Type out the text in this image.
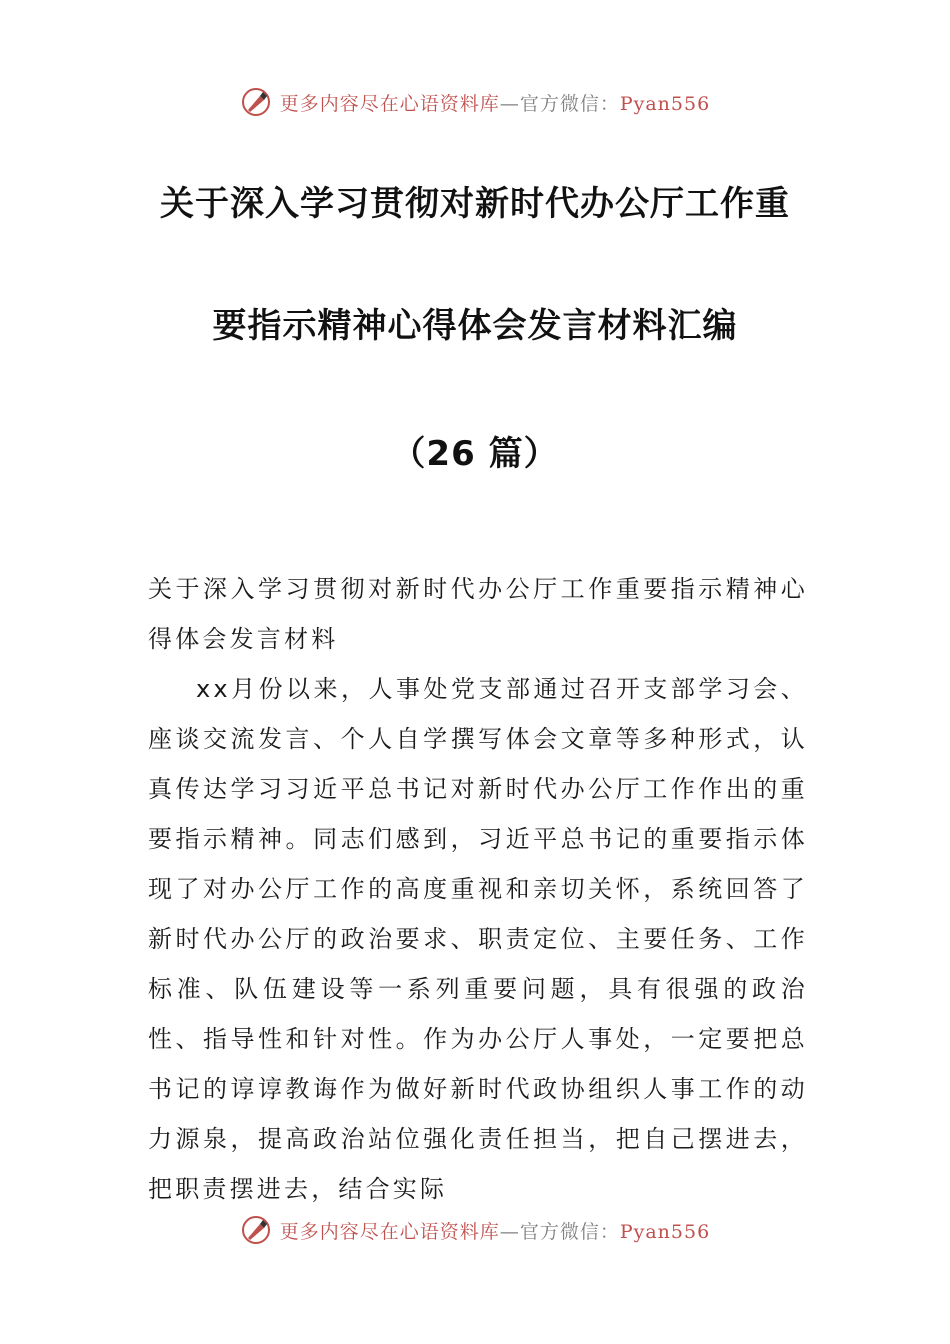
更多内容尽在心语资料库—官方微信：Pyan556
关于深入学习贯彻对新时代办公厅工作重
要指示精神心得体会发言材料汇编
（26 篇）

关于深入学习贯彻对新时代办公厅工作重要指示精神心得体会发言材料

xx月份以来，人事处党支部通过召开支部学习会、座谈交流发言、个人自学撰写体会文章等多种形式，认真传达学习习近平总书记对新时代办公厅工作作出的重要指示精神。同志们感到，习近平总书记的重要指示体现了对办公厅工作的高度重视和亲切关怀，系统回答了新时代办公厅的政治要求、职责定位、主要任务、工作标准、队伍建设等一系列重要问题，具有很强的政治性、指导性和针对性。作为办公厅人事处，一定要把总书记的谆谆教诲作为做好新时代政协组织人事工作的动力源泉，提高政治站位强化责任担当，把自己摆进去，把职责摆进去，结合实际

更多内容尽在心语资料库—官方微信：Pyan556
